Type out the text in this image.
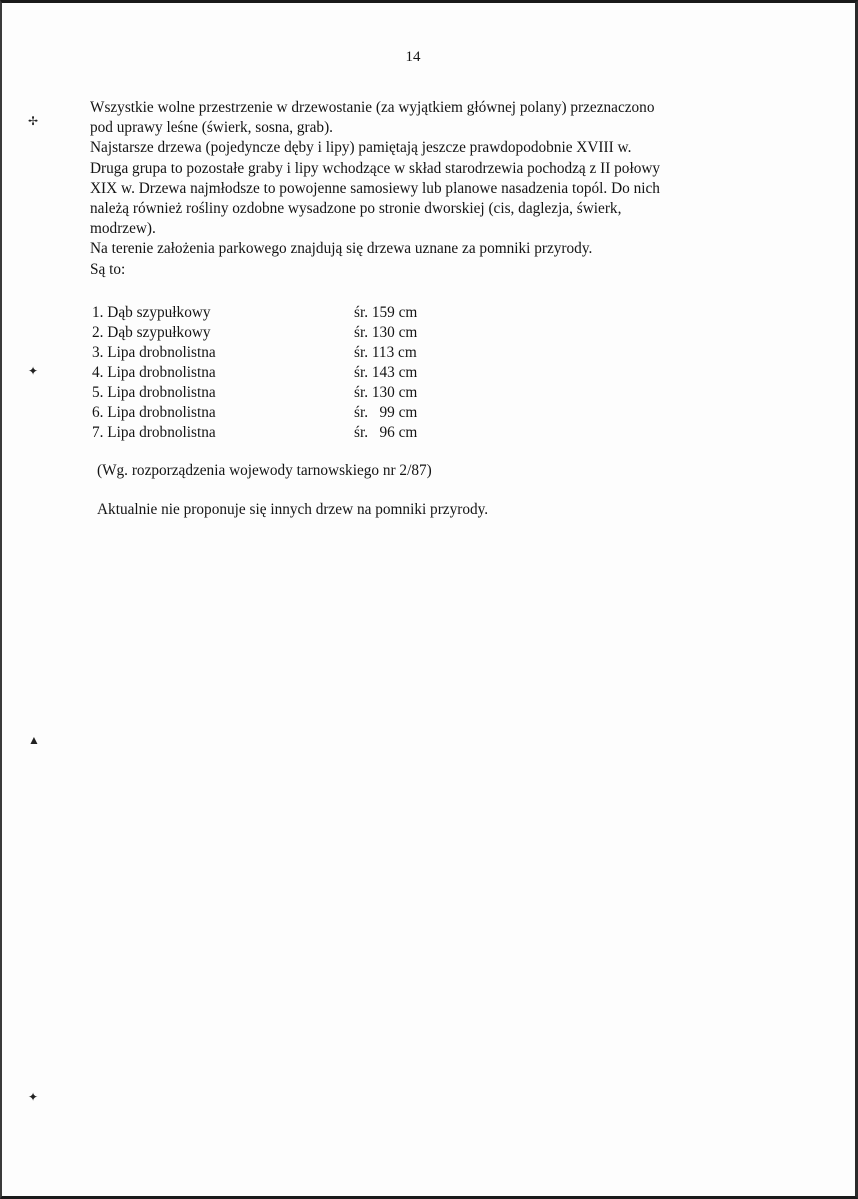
14

Wszystkie wolne przestrzenie w drzewostanie (za wyjątkiem głównej polany) przeznaczono

pod uprawy leśne (świerk, sosna, grab).

Najstarsze drzewa (pojedyncze dęby i lipy) pamiętają jeszcze prawdopodobnie XVIII w.

Druga grupa to pozostałe graby i lipy wchodzące w skład starodrzewia pochodzą z II połowy

XIX w. Drzewa najmłodsze to powojenne samosiewy lub planowe nasadzenia topól. Do nich

należą również rośliny ozdobne wysadzone po stronie dworskiej (cis, daglezja, świerk,

modrzew).

Na terenie założenia parkowego znajdują się drzewa uznane za pomniki przyrody.

Są to:

1. Dąb szypułkowy	śr. 159 cm
2. Dąb szypułkowy	śr. 130 cm
3. Lipa drobnolistna	śr. 113 cm
4. Lipa drobnolistna	śr. 143 cm
5. Lipa drobnolistna	śr. 130 cm
6. Lipa drobnolistna	śr.   99 cm
7. Lipa drobnolistna	śr.   96 cm

(Wg. rozporządzenia wojewody tarnowskiego nr 2/87)

Aktualnie nie proponuje się innych drzew na pomniki przyrody.

✢
✦
▲
✦
